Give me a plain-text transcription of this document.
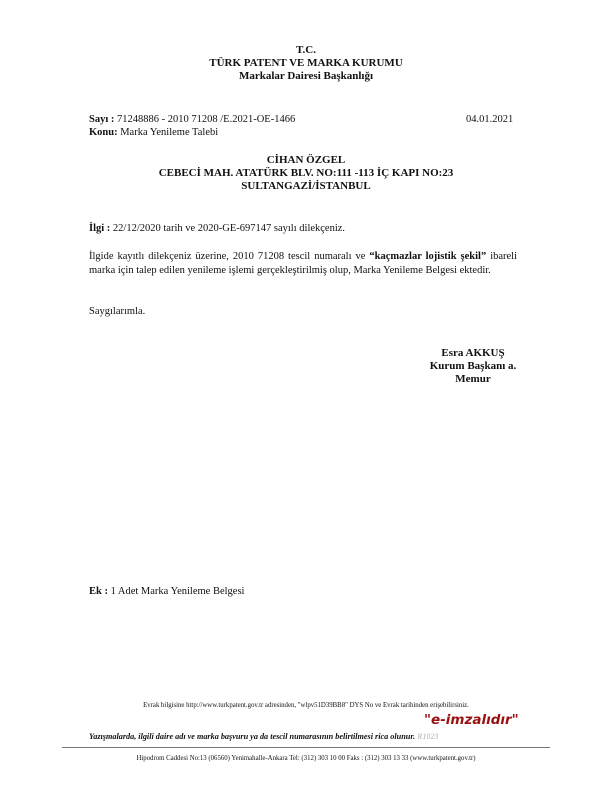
T.C.
TÜRK PATENT VE MARKA KURUMU
Markalar Dairesi Başkanlığı
Sayı : 71248886 - 2010 71208 /E.2021-OE-1466	04.01.2021
Konu: Marka Yenileme Talebi
CİHAN ÖZGEL
CEBECİ MAH. ATATÜRK BLV. NO:111 -113 İÇ KAPI NO:23
SULTANGAZİ/İSTANBUL
İlgi : 22/12/2020 tarih ve 2020-GE-697147 sayılı dilekçeniz.
İlgide kayıtlı dilekçeniz üzerine, 2010 71208 tescil numaralı ve “kaçmazlar lojistik şekil” ibareli marka için talep edilen yenileme işlemi gerçekleştirilmiş olup, Marka Yenileme Belgesi ektedir.
Saygılarımla.
Esra AKKUŞ
Kurum Başkanı a.
Memur
Ek : 1 Adet Marka Yenileme Belgesi
Evrak bilgisine http://www.turkpatent.gov.tr adresinden, "wlpv51D39BB8" DYS No ve Evrak tarihinden erişebilirsiniz.
"e-imzalıdır"
Yazışmalarda, ilgili daire adı ve marka başvuru ya da tescil numarasının belirtilmesi rica olunur. R1023
Hipodrom Caddesi No:13 (06560) Yenimahalle-Ankara Tel: (312) 303 10 00 Faks : (312) 303 13 33 (www.turkpatent.gov.tr)
